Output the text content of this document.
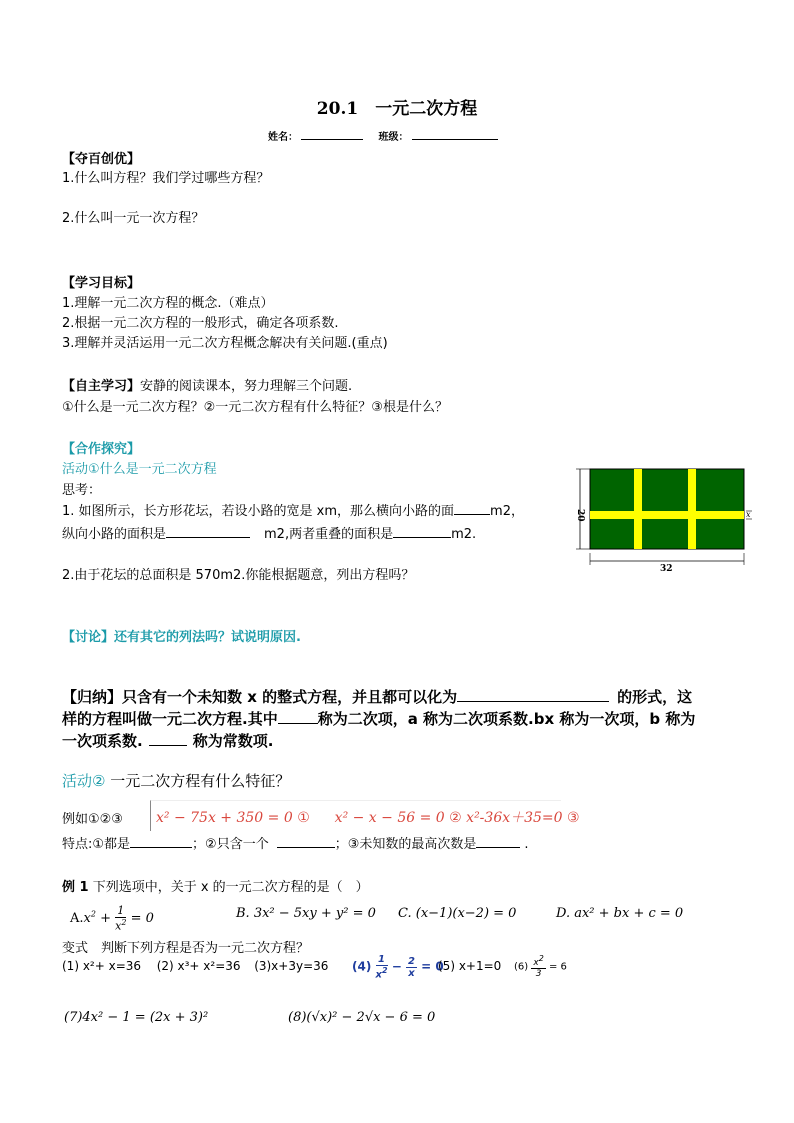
20.1　一元二次方程
姓名：	班级：
【夺百创优】
1.什么叫方程？我们学过哪些方程？
2.什么叫一元一次方程？
【学习目标】
1.理解一元二次方程的概念.（难点）
2.根据一元二次方程的一般形式，确定各项系数.
3.理解并灵活运用一元二次方程概念解决有关问题.(重点)
【自主学习】安静的阅读课本，努力理解三个问题.
①什么是一元二次方程？②一元二次方程有什么特征？③根是什么？
【合作探究】
活动①什么是一元二次方程
思考：
1. 如图所示，长方形花坛，若设小路的宽是 xm，那么横向小路的面	m2，
纵向小路的面积是	m2,两者重叠的面积是	m2.
2.由于花坛的总面积是 570m2.你能根据题意，列出方程吗？
20
32
x
【讨论】还有其它的列法吗？试说明原因.
【归纳】只含有一个未知数 x 的整式方程，并且都可以化为	的形式，这
样的方程叫做一元二次方程.其中	称为二次项，a 称为二次项系数.bx 称为一次项，b 称为
一次项系数.	称为常数项.
活动② 一元二次方程有什么特征？
例如①②③ x² − 75x + 350 = 0 ① x² − x − 56 = 0 ② x²-36x＋35=0 ③
特点:①都是	；②只含一个	；③未知数的最高次数是	.
例 1 下列选项中，关于 x 的一元二次方程的是（　）
$A.x^2 + \frac{1}{x^2} = 0$	B. 3x² − 5xy + y² = 0 C. (x−1)(x−2) = 0	D. ax² + bx + c = 0
变式　判断下列方程是否为一元二次方程？
(1) x²+ x=36 (2) x³+ x²=36 (3)x+3y=36 $(4) \frac{1}{x^2} - \frac{2}{x} = 0$
(5) x+1=0 $(6) \frac{x^2}{3} = 6$
(7)4x² − 1 = (2x + 3)²	(8)(√x)² − 2√x − 6 = 0
